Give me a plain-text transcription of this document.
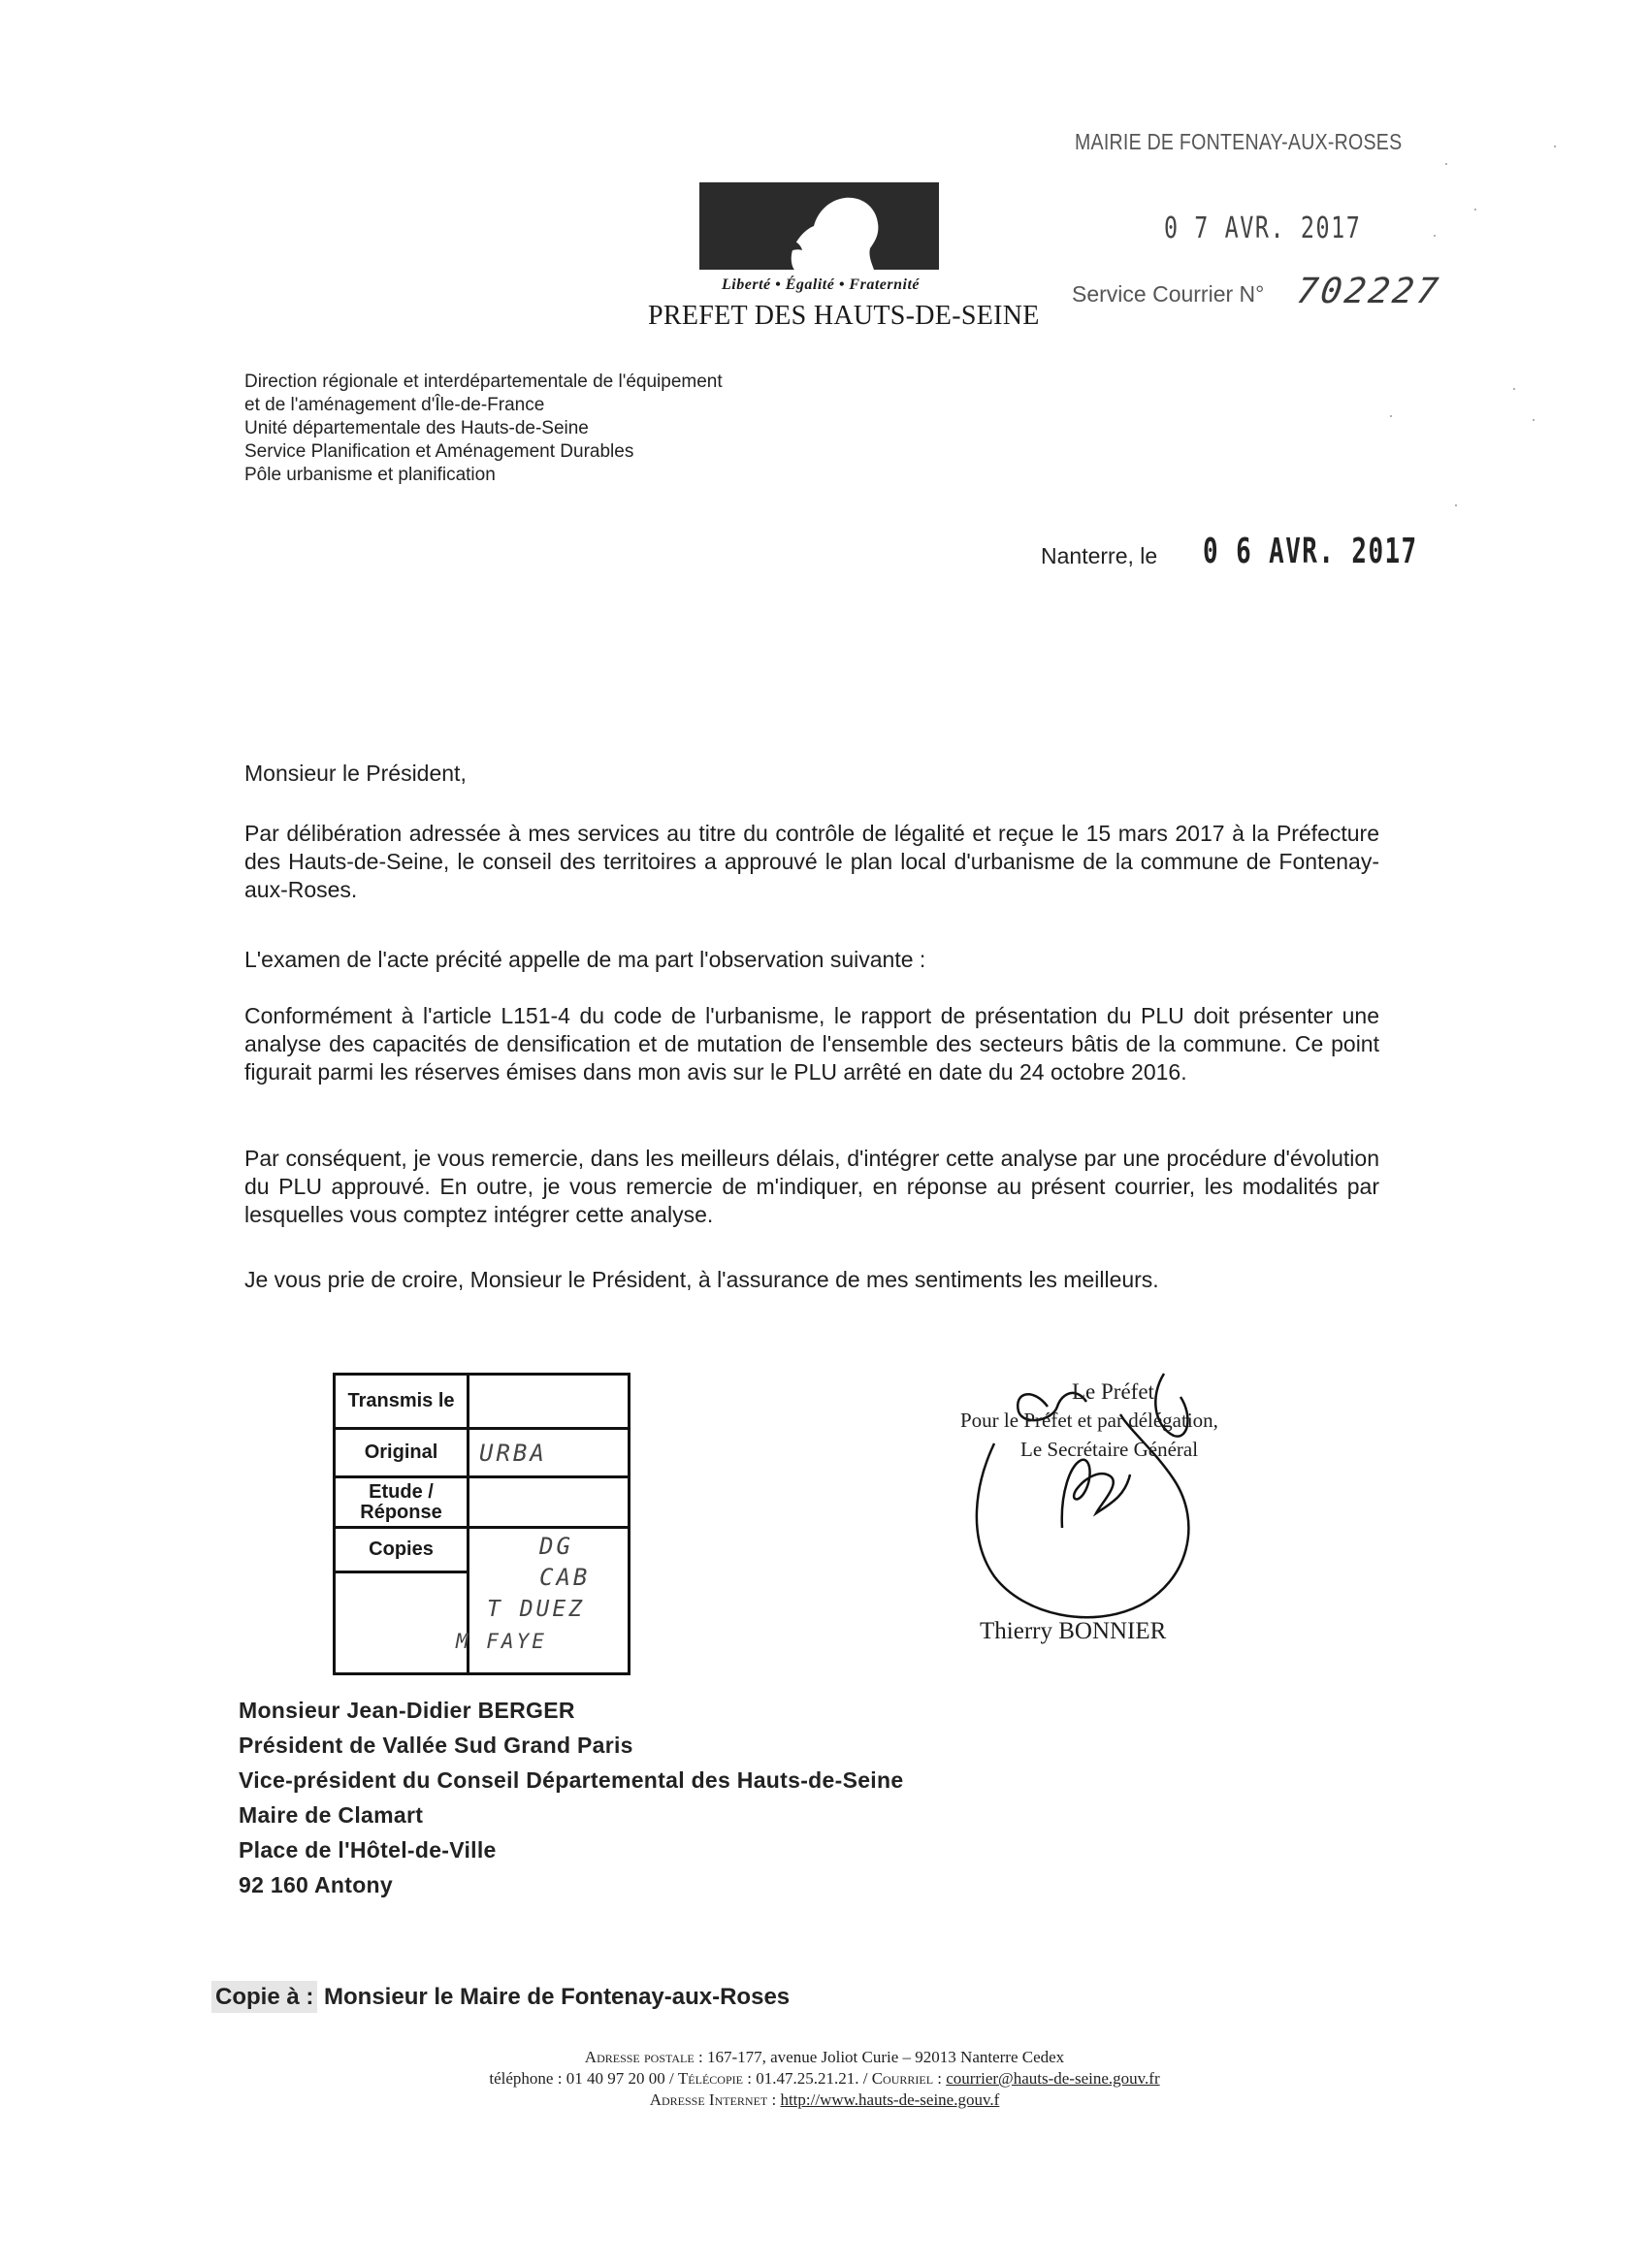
Liberté • Égalité • Fraternité
PREFET DES HAUTS-DE-SEINE
MAIRIE DE FONTENAY-AUX-ROSES
0 7 AVR. 2017
Service Courrier N° 702227
Direction régionale et interdépartementale de l'équipement
et de l'aménagement d'Île-de-France
Unité départementale des Hauts-de-Seine
Service Planification et Aménagement Durables
Pôle urbanisme et planification
Nanterre, le 0 6 AVR. 2017
Monsieur le Président,
Par délibération adressée à mes services au titre du contrôle de légalité et reçue le 15 mars 2017 à la Préfecture des Hauts-de-Seine, le conseil des territoires a approuvé le plan local d'urbanisme de la commune de Fontenay-aux-Roses.
L'examen de l'acte précité appelle de ma part l'observation suivante :
Conformément à l'article L151-4 du code de l'urbanisme, le rapport de présentation du PLU doit présenter une analyse des capacités de densification et de mutation de l'ensemble des secteurs bâtis de la commune. Ce point figurait parmi les réserves émises dans mon avis sur le PLU arrêté en date du 24 octobre 2016.
Par conséquent, je vous remercie, dans les meilleurs délais, d'intégrer cette analyse par une procédure d'évolution du PLU approuvé. En outre, je vous remercie de m'indiquer, en réponse au présent courrier, les modalités par lesquelles vous comptez intégrer cette analyse.
Je vous prie de croire, Monsieur le Président, à l'assurance de mes sentiments les meilleurs.
Transmis le
Original	URBA
Etude / Réponse
Copies	DG
CAB
T DUEZ
M FAYE
Le Préfet
Pour le Préfet et par délégation,
Le Secrétaire Général
Thierry BONNIER
Monsieur Jean-Didier BERGER
Président de Vallée Sud Grand Paris
Vice-président du Conseil Départemental des Hauts-de-Seine
Maire de Clamart
Place de l'Hôtel-de-Ville
92 160 Antony
Copie à : Monsieur le Maire de Fontenay-aux-Roses
Adresse postale : 167-177, avenue Joliot Curie – 92013 Nanterre Cedex
téléphone : 01 40 97 20 00 / Télécopie : 01.47.25.21.21. / Courriel : courrier@hauts-de-seine.gouv.fr
Adresse Internet : http://www.hauts-de-seine.gouv.f
